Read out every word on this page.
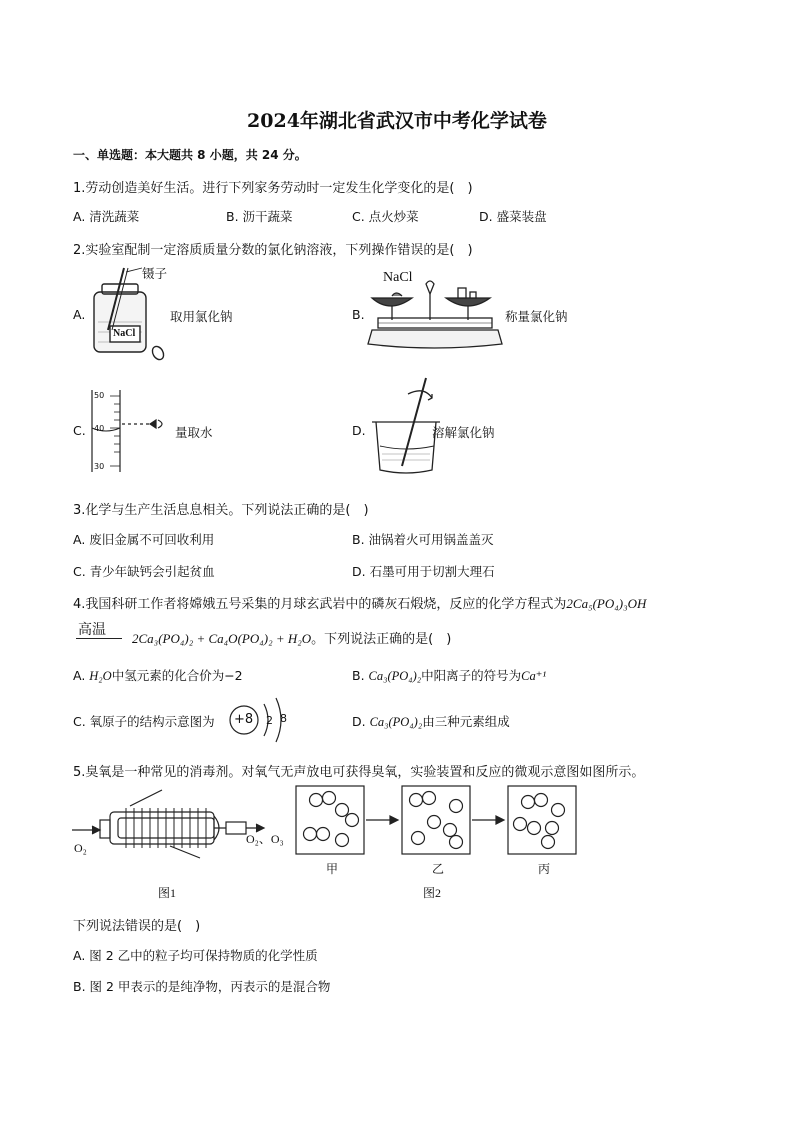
2024年湖北省武汉市中考化学试卷
一、单选题：本大题共 8 小题，共 24 分。
1.劳动创造美好生活。进行下列家务劳动时一定发生化学变化的是(　)
A. 清洗蔬菜	B. 沥干蔬菜	C. 点火炒菜	D. 盛菜装盘
2.实验室配制一定溶质质量分数的氯化钠溶液，下列操作错误的是(　)
A.
NaCl
镊子
取用氯化钠	B.
NaCl
称量氯化钠
C.
50
40
30
量取水	D.	溶解氯化钠
3.化学与生产生活息息相关。下列说法正确的是(　)
A. 废旧金属不可回收利用	B. 油锅着火可用锅盖盖灭
C. 青少年缺钙会引起贫血	D. 石墨可用于切割大理石
4.我国科研工作者将嫦娥五号采集的月球玄武岩中的磷灰石煅烧，反应的化学方程式为2Ca₅(PO₄)₃OH
高温
2Ca₃(PO₄)₂ + Ca₄O(PO₄)₂ + H₂O。下列说法正确的是(　)
A. H₂O中氢元素的化合价为−2	B. Ca₃(PO₄)₂中阳离子的符号为Ca⁺¹
C. 氧原子的结构示意图为 +8 2 8	D. Ca₃(PO₄)₂由三种元素组成
5.臭氧是一种常见的消毒剂。对氧气无声放电可获得臭氧，实验装置和反应的微观示意图如图所示。
O₂
O₂、O₃
图1
甲	乙	丙
图2
下列说法错误的是(　)
A. 图 2 乙中的粒子均可保持物质的化学性质
B. 图 2 甲表示的是纯净物，丙表示的是混合物
